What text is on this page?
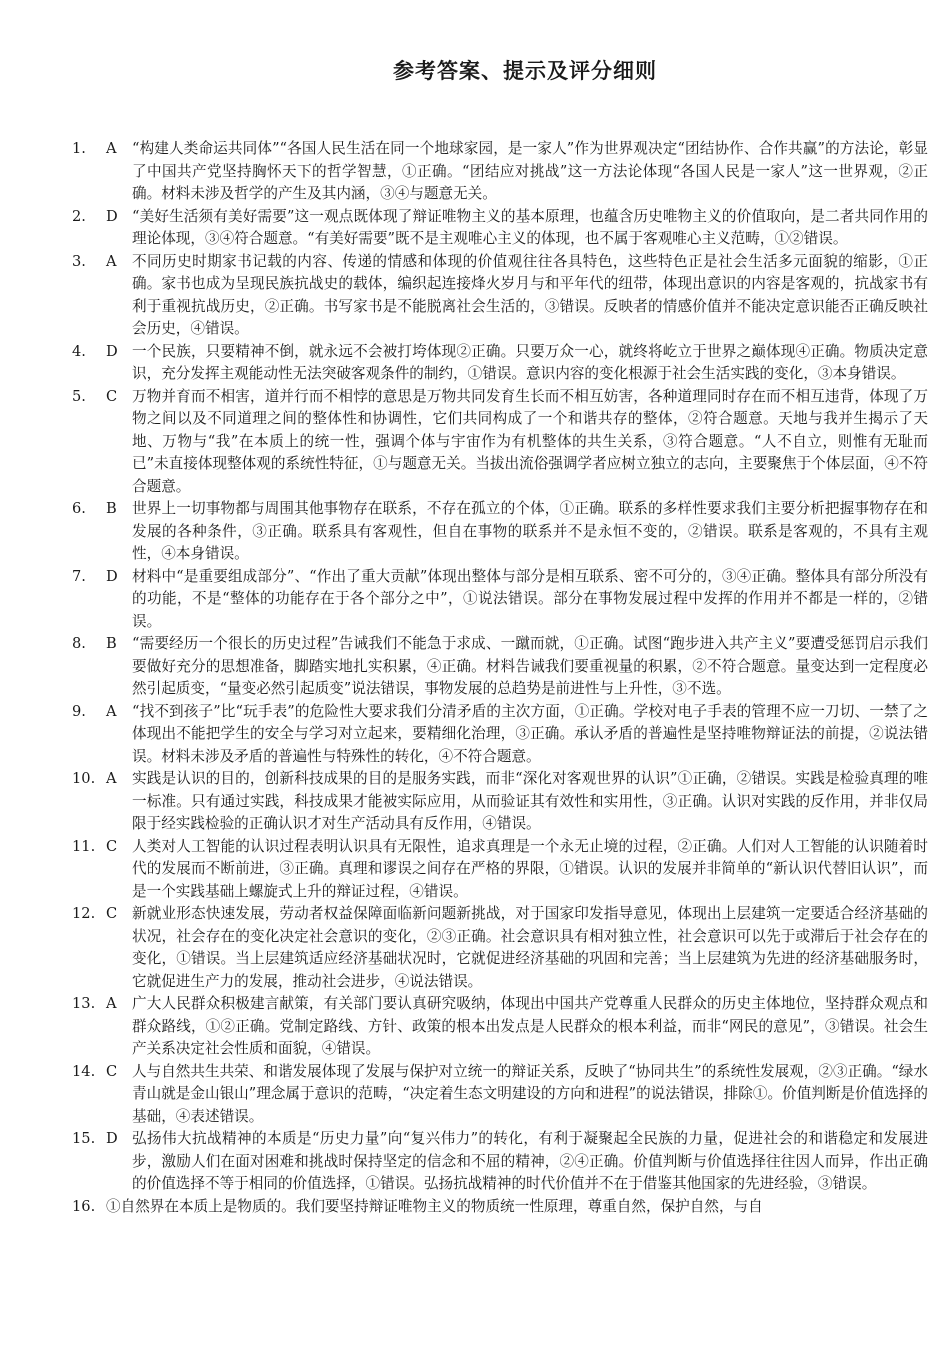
参考答案、提示及评分细则
1.	A	“构建人类命运共同体”“各国人民生活在同一个地球家园，是一家人”作为世界观决定“团结协作、合作共赢”的方法论，彰显了中国共产党坚持胸怀天下的哲学智慧，①正确。“团结应对挑战”这一方法论体现“各国人民是一家人”这一世界观，②正确。材料未涉及哲学的产生及其内涵，③④与题意无关。
2.	D “美好生活须有美好需要”这一观点既体现了辩证唯物主义的基本原理，也蕴含历史唯物主义的价值取向，是二者共同作用的理论体现，③④符合题意。“有美好需要”既不是主观唯心主义的体现，也不属于客观唯心主义范畴，①②错误。
3.	A	不同历史时期家书记载的内容、传递的情感和体现的价值观往往各具特色，这些特色正是社会生活多元面貌的缩影，①正确。家书也成为呈现民族抗战史的载体，编织起连接烽火岁月与和平年代的纽带，体现出意识的内容是客观的，抗战家书有利于重视抗战历史，②正确。书写家书是不能脱离社会生活的，③错误。反映者的情感价值并不能决定意识能否正确反映社会历史，④错误。
4.	D 一个民族，只要精神不倒，就永远不会被打垮体现②正确。只要万众一心，就终将屹立于世界之巅体现④正确。物质决定意识，充分发挥主观能动性无法突破客观条件的制约，①错误。意识内容的变化根源于社会生活实践的变化，③本身错误。
5.	C	万物并育而不相害，道并行而不相悖的意思是万物共同发育生长而不相互妨害，各种道理同时存在而不相互违背，体现了万物之间以及不同道理之间的整体性和协调性，它们共同构成了一个和谐共存的整体，②符合题意。天地与我并生揭示了天地、万物与“我”在本质上的统一性，强调个体与宇宙作为有机整体的共生关系，③符合题意。“人不自立，则惟有无耻而已”未直接体现整体观的系统性特征，①与题意无关。当拔出流俗强调学者应树立独立的志向，主要聚焦于个体层面，④不符合题意。
6.	B	世界上一切事物都与周围其他事物存在联系，不存在孤立的个体，①正确。联系的多样性要求我们主要分析把握事物存在和发展的各种条件，③正确。联系具有客观性，但自在事物的联系并不是永恒不变的，②错误。联系是客观的，不具有主观性，④本身错误。
7.	D 材料中“是重要组成部分”、“作出了重大贡献”体现出整体与部分是相互联系、密不可分的，③④正确。整体具有部分所没有的功能，不是“整体的功能存在于各个部分之中”，①说法错误。部分在事物发展过程中发挥的作用并不都是一样的，②错误。
8.	B	“需要经历一个很长的历史过程”告诫我们不能急于求成、一蹴而就，①正确。试图“跑步进入共产主义”要遭受惩罚启示我们要做好充分的思想准备，脚踏实地扎实积累，④正确。材料告诫我们要重视量的积累，②不符合题意。量变达到一定程度必然引起质变，“量变必然引起质变”说法错误，事物发展的总趋势是前进性与上升性，③不选。
9.	A	“找不到孩子”比“玩手表”的危险性大要求我们分清矛盾的主次方面，①正确。学校对电子手表的管理不应一刀切、一禁了之体现出不能把学生的安全与学习对立起来，要精细化治理，③正确。承认矛盾的普遍性是坚持唯物辩证法的前提，②说法错误。材料未涉及矛盾的普遍性与特殊性的转化，④不符合题意。
10. A	实践是认识的目的，创新科技成果的目的是服务实践，而非“深化对客观世界的认识”①正确，②错误。实践是检验真理的唯一标准。只有通过实践，科技成果才能被实际应用，从而验证其有效性和实用性，③正确。认识对实践的反作用，并非仅局限于经实践检验的正确认识才对生产活动具有反作用，④错误。
11. C	人类对人工智能的认识过程表明认识具有无限性，追求真理是一个永无止境的过程，②正确。人们对人工智能的认识随着时代的发展而不断前进，③正确。真理和谬误之间存在严格的界限，①错误。认识的发展并非简单的“新认识代替旧认识”，而是一个实践基础上螺旋式上升的辩证过程，④错误。
12. C	新就业形态快速发展，劳动者权益保障面临新问题新挑战，对于国家印发指导意见，体现出上层建筑一定要适合经济基础的状况，社会存在的变化决定社会意识的变化，②③正确。社会意识具有相对独立性，社会意识可以先于或滞后于社会存在的变化，①错误。当上层建筑适应经济基础状况时，它就促进经济基础的巩固和完善；当上层建筑为先进的经济基础服务时，它就促进生产力的发展，推动社会进步，④说法错误。
13. A	广大人民群众积极建言献策，有关部门要认真研究吸纳，体现出中国共产党尊重人民群众的历史主体地位，坚持群众观点和群众路线，①②正确。党制定路线、方针、政策的根本出发点是人民群众的根本利益，而非“网民的意见”，③错误。社会生产关系决定社会性质和面貌，④错误。
14. C	人与自然共生共荣、和谐发展体现了发展与保护对立统一的辩证关系，反映了“协同共生”的系统性发展观，②③正确。“绿水青山就是金山银山”理念属于意识的范畴，“决定着生态文明建设的方向和进程”的说法错误，排除①。价值判断是价值选择的基础，④表述错误。
15. D 弘扬伟大抗战精神的本质是“历史力量”向“复兴伟力”的转化，有利于凝聚起全民族的力量，促进社会的和谐稳定和发展进步，激励人们在面对困难和挑战时保持坚定的信念和不屈的精神，②④正确。价值判断与价值选择往往因人而异，作出正确的价值选择不等于相同的价值选择，①错误。弘扬抗战精神的时代价值并不在于借鉴其他国家的先进经验，③错误。
16. ①自然界在本质上是物质的。我们要坚持辩证唯物主义的物质统一性原理，尊重自然，保护自然，与自
